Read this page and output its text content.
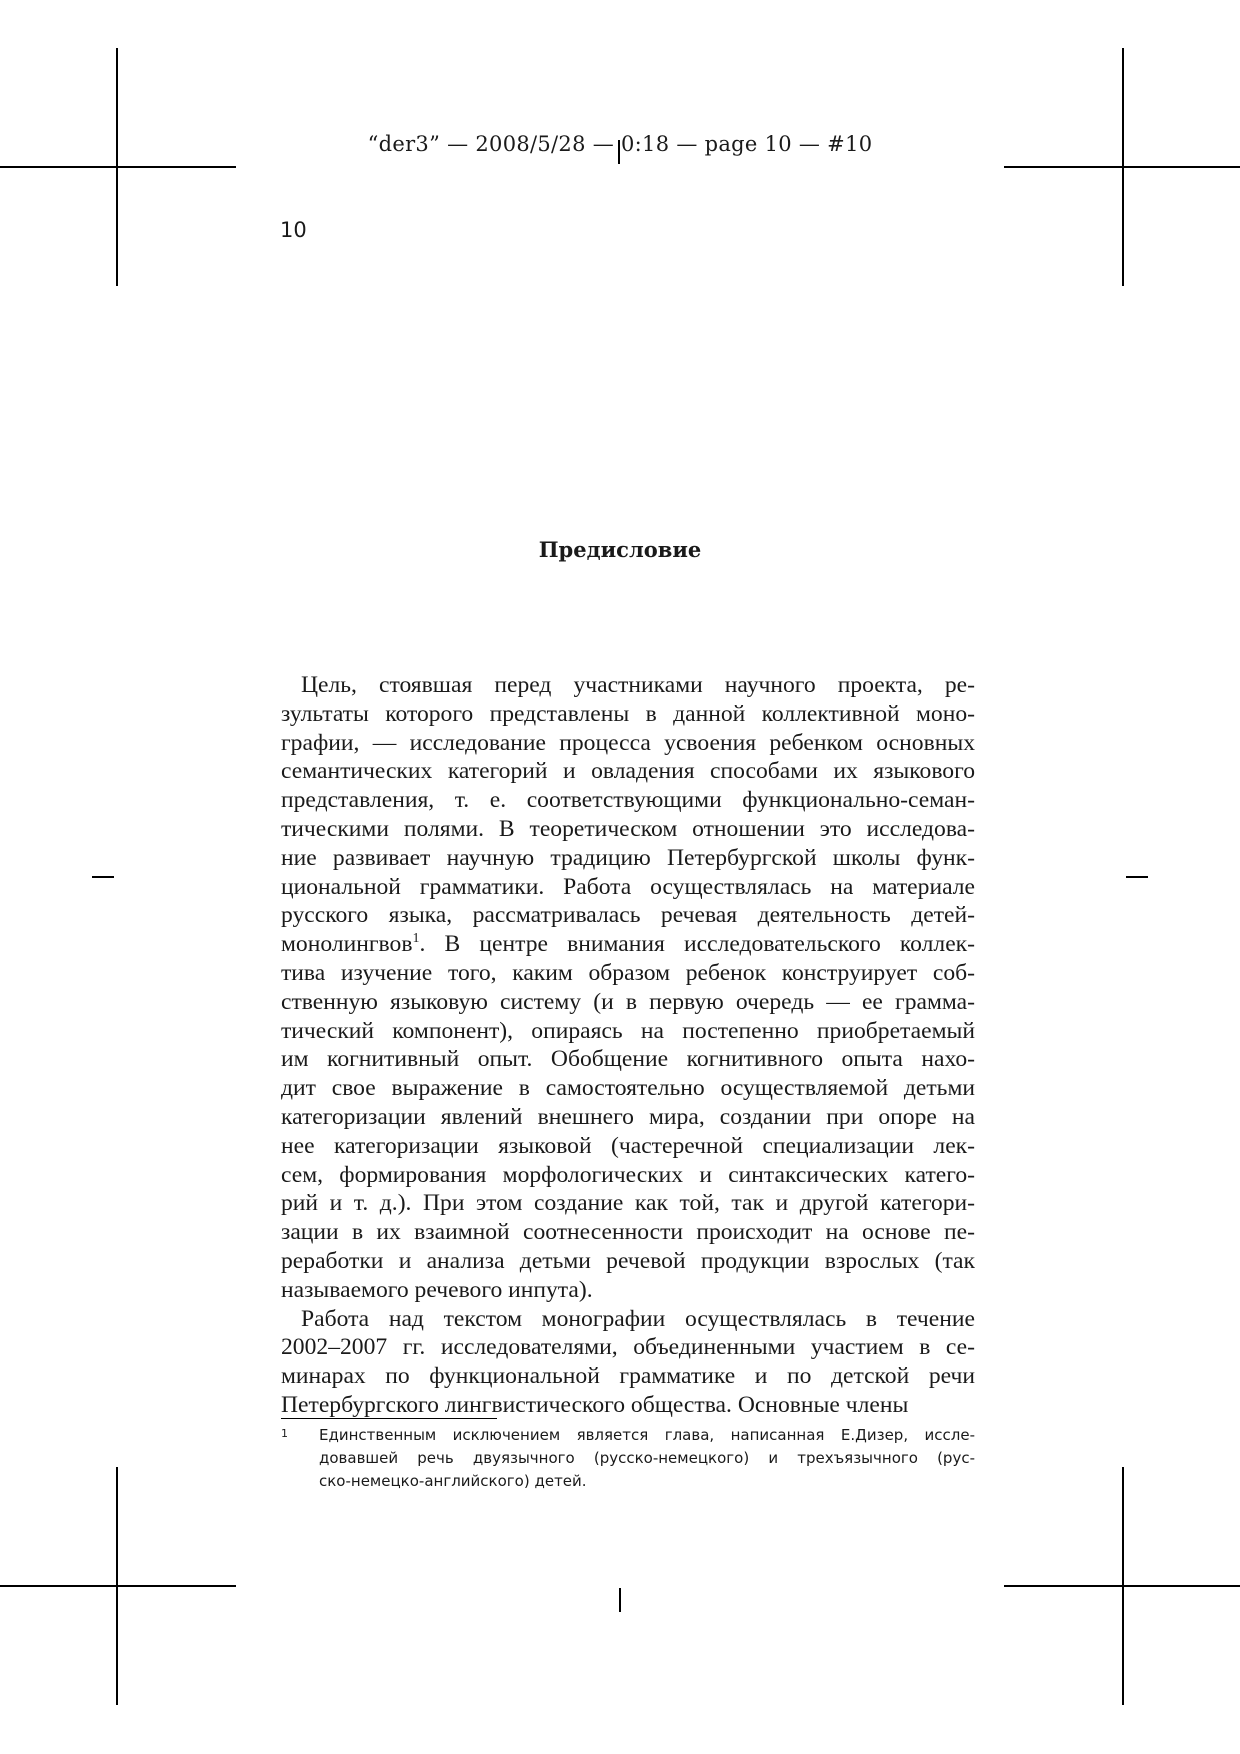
“der3” — 2008/5/28 — 0:18 — page 10 — #10
10
Предисловие
Цель, стоявшая перед участниками научного проекта, ре-
зультаты которого представлены в данной коллективной моно-
графии, — исследование процесса усвоения ребенком основных
семантических категорий и овладения способами их языкового
представления, т. е. соответствующими функционально-семан-
тическими полями. В теоретическом отношении это исследова-
ние развивает научную традицию Петербургской школы функ-
циональной грамматики. Работа осуществлялась на материале
русского языка, рассматривалась речевая деятельность детей-
монолингвов$^1$. В центре внимания исследовательского коллек-
тива изучение того, каким образом ребенок конструирует соб-
ственную языковую систему (и в первую очередь — ее грамма-
тический компонент), опираясь на постепенно приобретаемый
им когнитивный опыт. Обобщение когнитивного опыта нахо-
дит свое выражение в самостоятельно осуществляемой детьми
категоризации явлений внешнего мира, создании при опоре на
нее категоризации языковой (частеречной специализации лек-
сем, формирования морфологических и синтаксических катего-
рий и т. д.). При этом создание как той, так и другой категори-
зации в их взаимной соотнесенности происходит на основе пе-
реработки и анализа детьми речевой продукции взрослых (так
называемого речевого инпута).
Работа над текстом монографии осуществлялась в течение
2002–2007 гг. исследователями, объединенными участием в се-
минарах по функциональной грамматике и по детской речи
Петербургского лингвистического общества. Основные члены
1 Единственным исключением является глава, написанная Е.Дизер, иссле-
довавшей речь двуязычного (русско-немецкого) и трехъязычного (рус-
ско-немецко-английского) детей.
